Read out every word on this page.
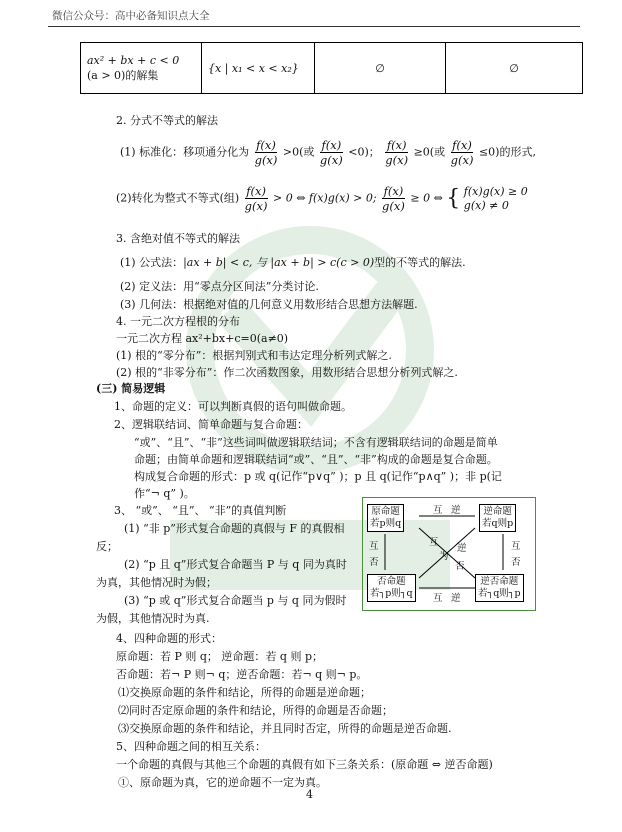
微信公众号：高中必备知识点大全
ax² + bx + c < 0
(a > 0)的解集
	{x | x₁ < x < x₂}	∅	∅
2. 分式不等式的解法
(1) 标准化：移项通分化为 $\frac{f(x)}{g(x)} >0$(或 $\frac{f(x)}{g(x)} <0$)； $\frac{f(x)}{g(x)} \ge 0$(或 $\frac{f(x)}{g(x)} \le 0$)的形式,
(2)转化为整式不等式(组) $\frac{f(x)}{g(x)} > 0$ ⇔ f(x)g(x) > 0; $\frac{f(x)}{g(x)} \ge 0$ ⇔ { f(x)g(x) ≥ 0
g(x) ≠ 0
3. 含绝对值不等式的解法
(1) 公式法：|ax + b| < c, 与 |ax + b| > c(c > 0)型的不等式的解法.
(2) 定义法：用“零点分区间法”分类讨论.
(3) 几何法：根据绝对值的几何意义用数形结合思想方法解题.
4. 一元二次方程根的分布
一元二次方程 ax²+bx+c=0(a≠0)
(1) 根的“零分布”：根据判别式和韦达定理分析列式解之.
(2) 根的“非零分布”：作二次函数图象，用数形结合思想分析列式解之.
(三) 简易逻辑
1、命题的定义：可以判断真假的语句叫做命题。
2、逻辑联结词、简单命题与复合命题：
“或”、“且”、“非”这些词叫做逻辑联结词；不含有逻辑联结词的命题是简单
命题；由简单命题和逻辑联结词“或”、“且”、“非”构成的命题是复合命题。
构成复合命题的形式：p 或 q(记作“p∨q” )；p 且 q(记作“p∧q” )；非 p(记
作“¬ q” )。
3、 “或”、 “且”、 “非”的真值判断
(1) “非 p”形式复合命题的真假与 F 的真假相
反；
(2) “p 且 q”形式复合命题当 P 与 q 同为真时
为真，其他情况时为假；
(3) “p 或 q”形式复合命题当 p 与 q 同为假时
为假，其他情况时为真.
原命题
若p则q
逆命题
若q则p
否命题
若┐p则┐q
逆否命题
若┐q则┐p
互 逆
互 逆
互
否
互
否
互
为
逆
否
4、四种命题的形式：
原命题：若 P 则 q； 逆命题：若 q 则 p；
否命题：若¬ P 则¬ q；逆否命题：若¬ q 则¬ p。
⑴交换原命题的条件和结论，所得的命题是逆命题；
⑵同时否定原命题的条件和结论，所得的命题是否命题；
⑶交换原命题的条件和结论，并且同时否定，所得的命题是逆否命题.
5、四种命题之间的相互关系：
一个命题的真假与其他三个命题的真假有如下三条关系：(原命题 ⇔ 逆否命题)
①、原命题为真，它的逆命题不一定为真。
4
